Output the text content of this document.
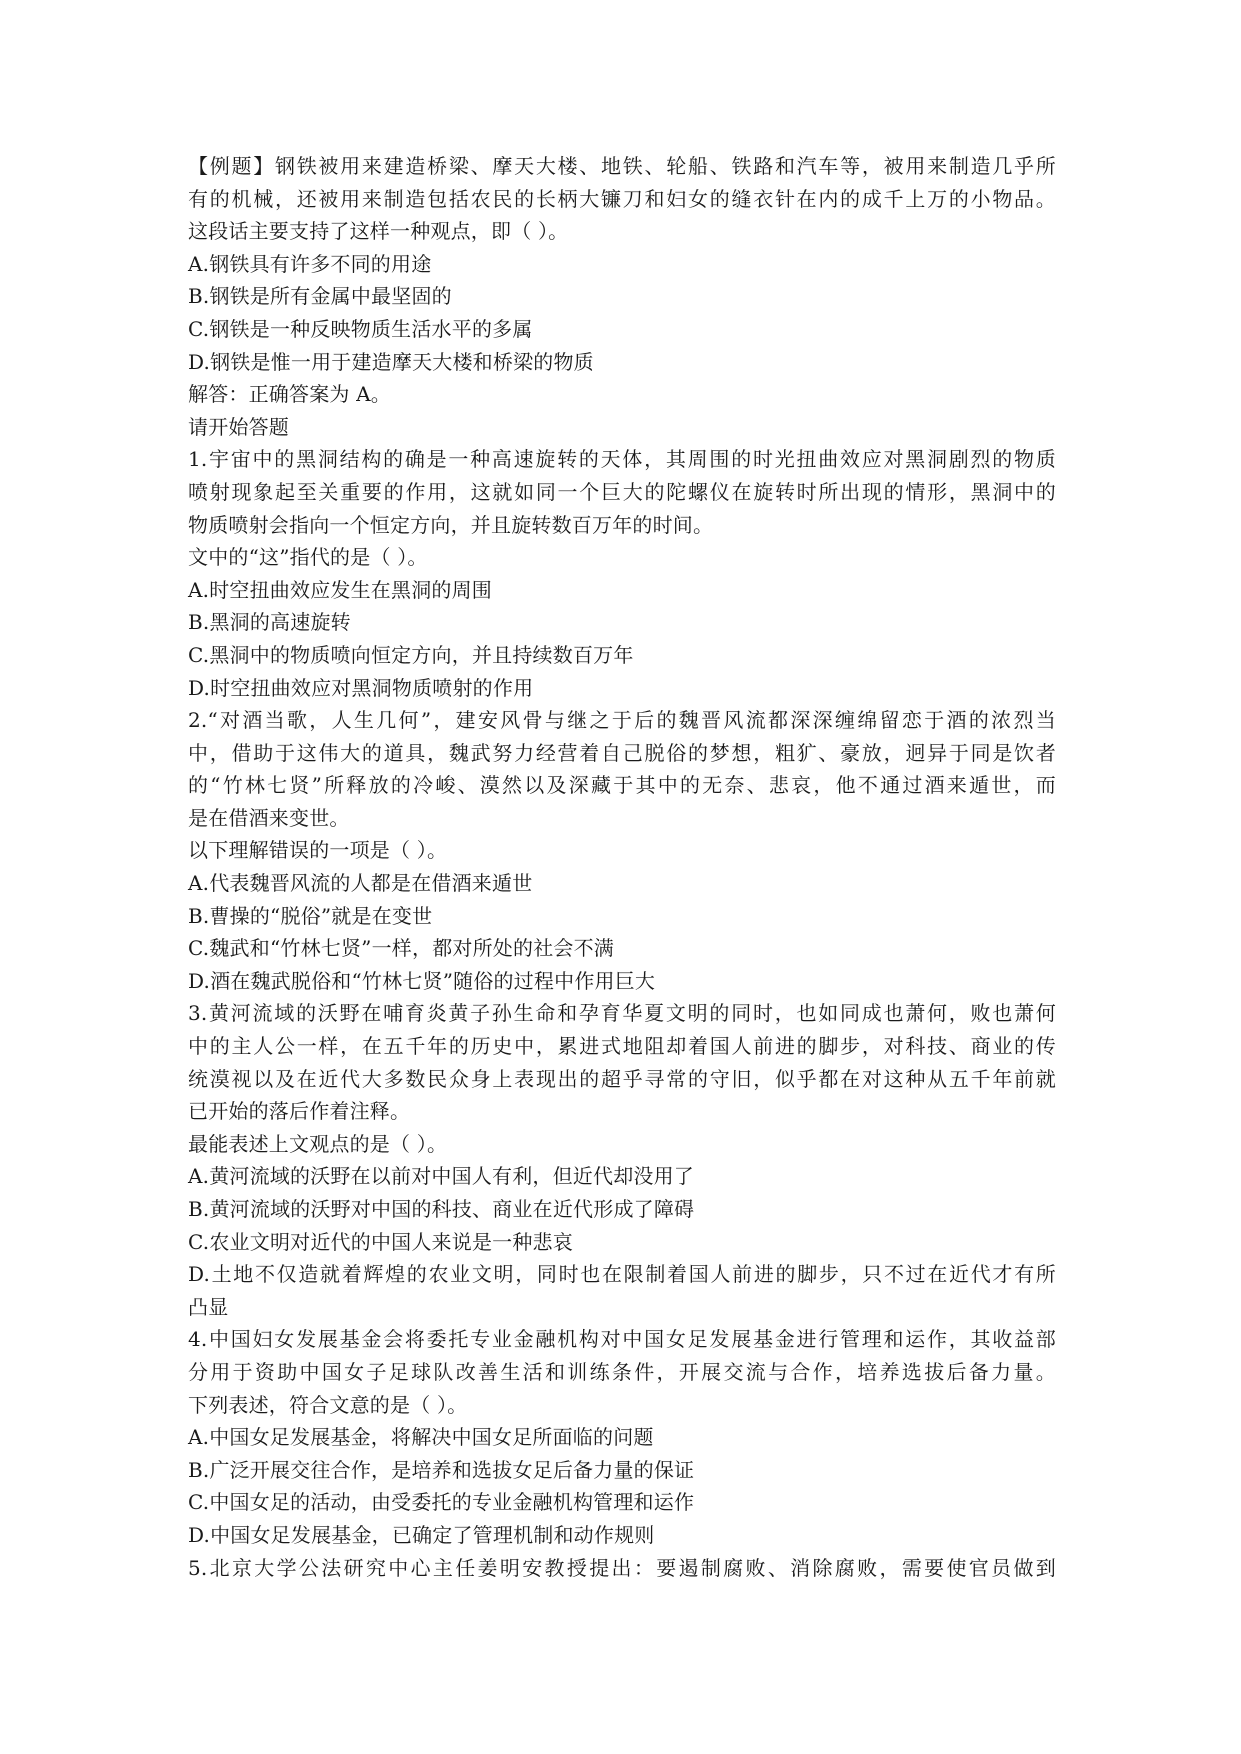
【例题】钢铁被用来建造桥梁、摩天大楼、地铁、轮船、铁路和汽车等，被用来制造几乎所
有的机械，还被用来制造包括农民的长柄大镰刀和妇女的缝衣针在内的成千上万的小物品。
这段话主要支持了这样一种观点，即（ ）。
A.钢铁具有许多不同的用途
B.钢铁是所有金属中最坚固的
C.钢铁是一种反映物质生活水平的多属
D.钢铁是惟一用于建造摩天大楼和桥梁的物质
解答：正确答案为 A。
请开始答题
1.宇宙中的黑洞结构的确是一种高速旋转的天体，其周围的时光扭曲效应对黑洞剧烈的物质
喷射现象起至关重要的作用，这就如同一个巨大的陀螺仪在旋转时所出现的情形，黑洞中的
物质喷射会指向一个恒定方向，并且旋转数百万年的时间。
文中的“这”指代的是（ ）。
A.时空扭曲效应发生在黑洞的周围
B.黑洞的高速旋转
C.黑洞中的物质喷向恒定方向，并且持续数百万年
D.时空扭曲效应对黑洞物质喷射的作用
2.“对酒当歌，人生几何”，建安风骨与继之于后的魏晋风流都深深缠绵留恋于酒的浓烈当
中，借助于这伟大的道具，魏武努力经营着自己脱俗的梦想，粗犷、豪放，迥异于同是饮者
的“竹林七贤”所释放的冷峻、漠然以及深藏于其中的无奈、悲哀，他不通过酒来遁世，而
是在借酒来变世。
以下理解错误的一项是（ ）。
A.代表魏晋风流的人都是在借酒来遁世
B.曹操的“脱俗”就是在变世
C.魏武和“竹林七贤”一样，都对所处的社会不满
D.酒在魏武脱俗和“竹林七贤”随俗的过程中作用巨大
3.黄河流域的沃野在哺育炎黄子孙生命和孕育华夏文明的同时，也如同成也萧何，败也萧何
中的主人公一样，在五千年的历史中，累进式地阻却着国人前进的脚步，对科技、商业的传
统漠视以及在近代大多数民众身上表现出的超乎寻常的守旧，似乎都在对这种从五千年前就
已开始的落后作着注释。
最能表述上文观点的是（ ）。
A.黄河流域的沃野在以前对中国人有利，但近代却没用了
B.黄河流域的沃野对中国的科技、商业在近代形成了障碍
C.农业文明对近代的中国人来说是一种悲哀
D.土地不仅造就着辉煌的农业文明，同时也在限制着国人前进的脚步，只不过在近代才有所
凸显
4.中国妇女发展基金会将委托专业金融机构对中国女足发展基金进行管理和运作，其收益部
分用于资助中国女子足球队改善生活和训练条件，开展交流与合作，培养选拔后备力量。
下列表述，符合文意的是（ ）。
A.中国女足发展基金，将解决中国女足所面临的问题
B.广泛开展交往合作，是培养和选拔女足后备力量的保证
C.中国女足的活动，由受委托的专业金融机构管理和运作
D.中国女足发展基金，已确定了管理机制和动作规则
5.北京大学公法研究中心主任姜明安教授提出：要遏制腐败、消除腐败，需要使官员做到
